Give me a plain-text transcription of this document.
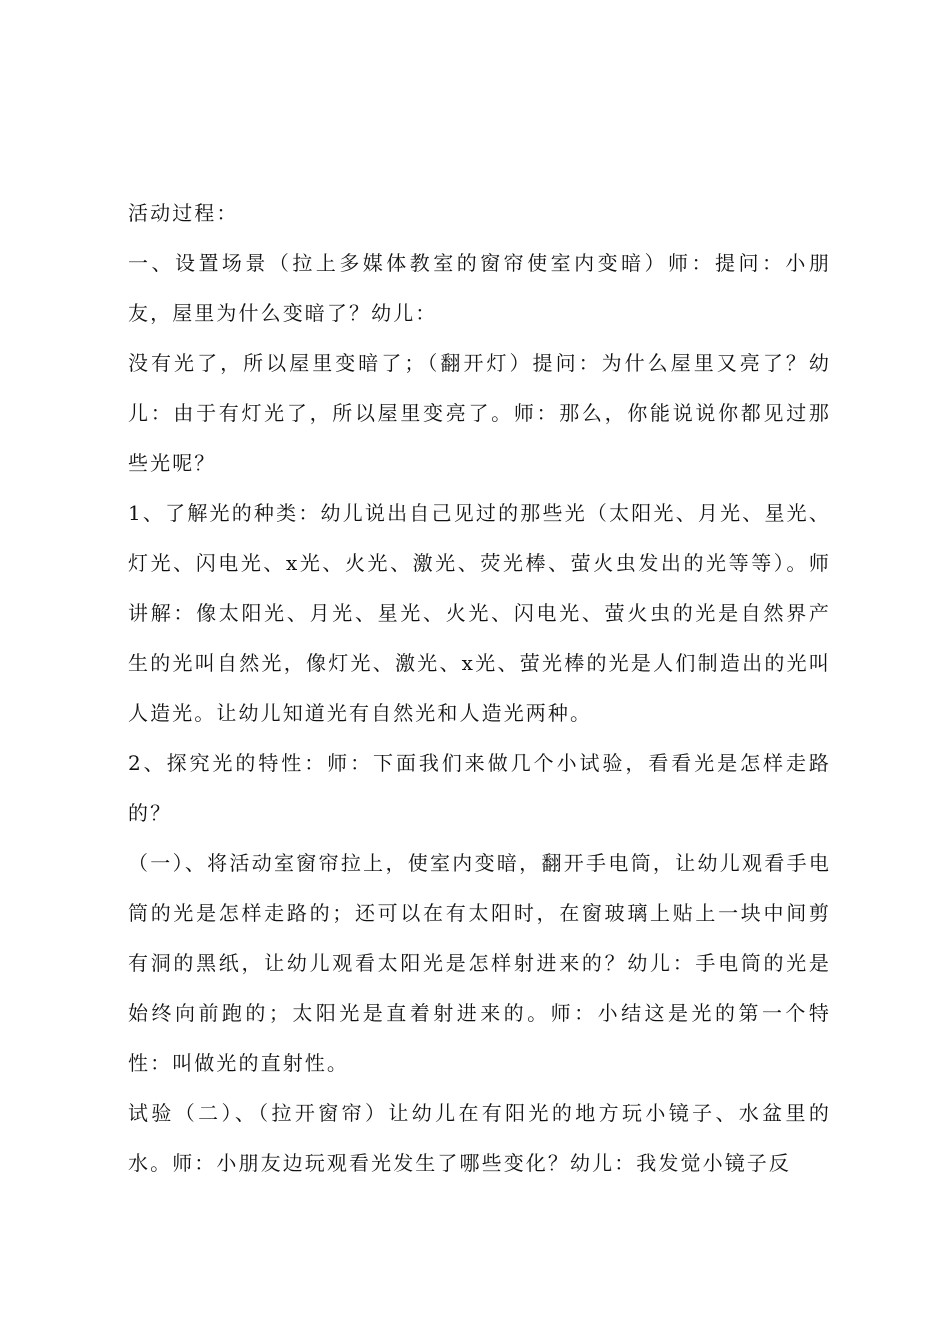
活动过程：

一、设置场景（拉上多媒体教室的窗帘使室内变暗）师：提问：小朋友，屋里为什么变暗了？幼儿：

没有光了，所以屋里变暗了；（翻开灯）提问：为什么屋里又亮了？幼儿：由于有灯光了，所以屋里变亮了。师：那么，你能说说你都见过那些光呢？

1、了解光的种类：幼儿说出自己见过的那些光（太阳光、月光、星光、灯光、闪电光、x光、火光、激光、荧光棒、萤火虫发出的光等等）。师讲解：像太阳光、月光、星光、火光、闪电光、萤火虫的光是自然界产生的光叫自然光，像灯光、激光、x光、萤光棒的光是人们制造出的光叫人造光。让幼儿知道光有自然光和人造光两种。

2、探究光的特性：师：下面我们来做几个小试验，看看光是怎样走路的？

（一）、将活动室窗帘拉上，使室内变暗，翻开手电筒，让幼儿观看手电筒的光是怎样走路的；还可以在有太阳时，在窗玻璃上贴上一块中间剪有洞的黑纸，让幼儿观看太阳光是怎样射进来的？幼儿：手电筒的光是始终向前跑的；太阳光是直着射进来的。师：小结这是光的第一个特性：叫做光的直射性。

试验（二）、（拉开窗帘）让幼儿在有阳光的地方玩小镜子、水盆里的水。师：小朋友边玩观看光发生了哪些变化？幼儿：我发觉小镜子反
